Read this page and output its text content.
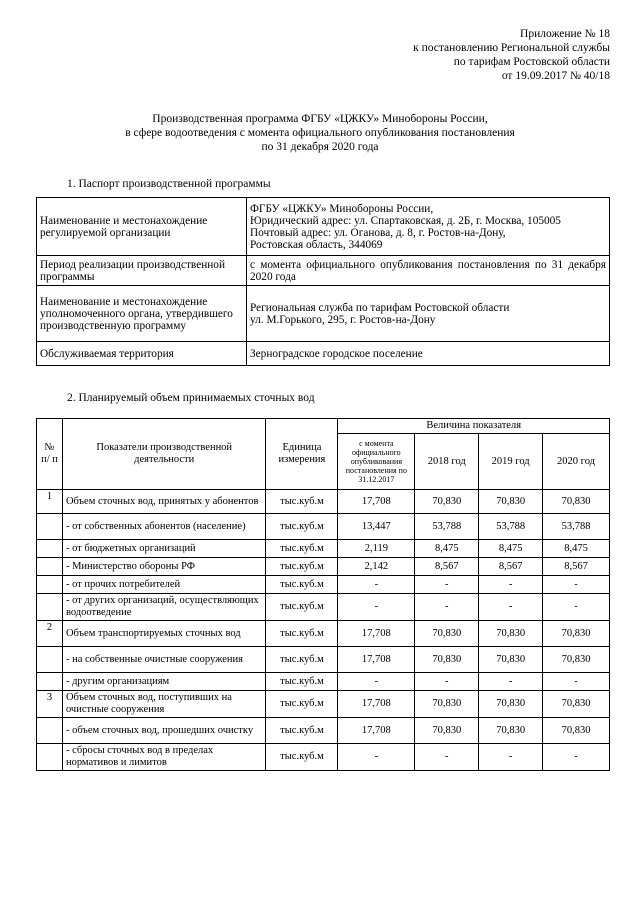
Приложение № 18
к постановлению Региональной службы
по тарифам Ростовской области
от 19.09.2017 № 40/18
Производственная программа ФГБУ «ЦЖКУ» Минобороны России,
в сфере водоотведения с момента официального опубликования постановления
по 31 декабря 2020 года
1. Паспорт производственной программы
Наименование и местонахождение регулируемой организации	ФГБУ «ЦЖКУ» Минобороны России,
Юридический адрес: ул. Спартаковская, д. 2Б, г. Москва, 105005
Почтовый адрес: ул. Оганова, д. 8, г. Ростов-на-Дону,
Ростовская область, 344069

Период реализации производственной программы	с момента официального опубликования постановления по 31 декабря 2020 года
Наименование и местонахождение уполномоченного органа, утвердившего производственную программу	Региональная служба по тарифам Ростовской области
ул. М.Горького, 295, г. Ростов-на-Дону

Обслуживаемая территория	Зерноградское городское поселение
2. Планируемый объем принимаемых сточных вод
№ п/ п	Показатели производственной деятельности	Единица измерения	Величина показателя			
			с момента официального опубликования постановления по 31.12.2017	2018 год	2019 год	2020 год
1	Объем сточных вод, принятых у абонентов	тыс.куб.м	17,708	70,830	70,830	70,830
	- от собственных абонентов (население)	тыс.куб.м	13,447	53,788	53,788	53,788
	- от бюджетных организаций	тыс.куб.м	2,119	8,475	8,475	8,475
	- Министерство обороны РФ	тыс.куб.м	2,142	8,567	8,567	8,567
	- от прочих потребителей	тыс.куб.м	-	-	-	-
	- от других организаций, осуществляющих водоотведение	тыс.куб.м	-	-	-	-
2	Объем транспортируемых сточных вод	тыс.куб.м	17,708	70,830	70,830	70,830
	- на собственные очистные сооружения	тыс.куб.м	17,708	70,830	70,830	70,830
	- другим организациям	тыс.куб.м	-	-	-	-
3	Объем сточных вод, поступивших на очистные сооружения	тыс.куб.м	17,708	70,830	70,830	70,830
	- объем сточных вод, прошедших очистку	тыс.куб.м	17,708	70,830	70,830	70,830
	- сбросы сточных вод в пределах нормативов и лимитов	тыс.куб.м	-	-	-	-
